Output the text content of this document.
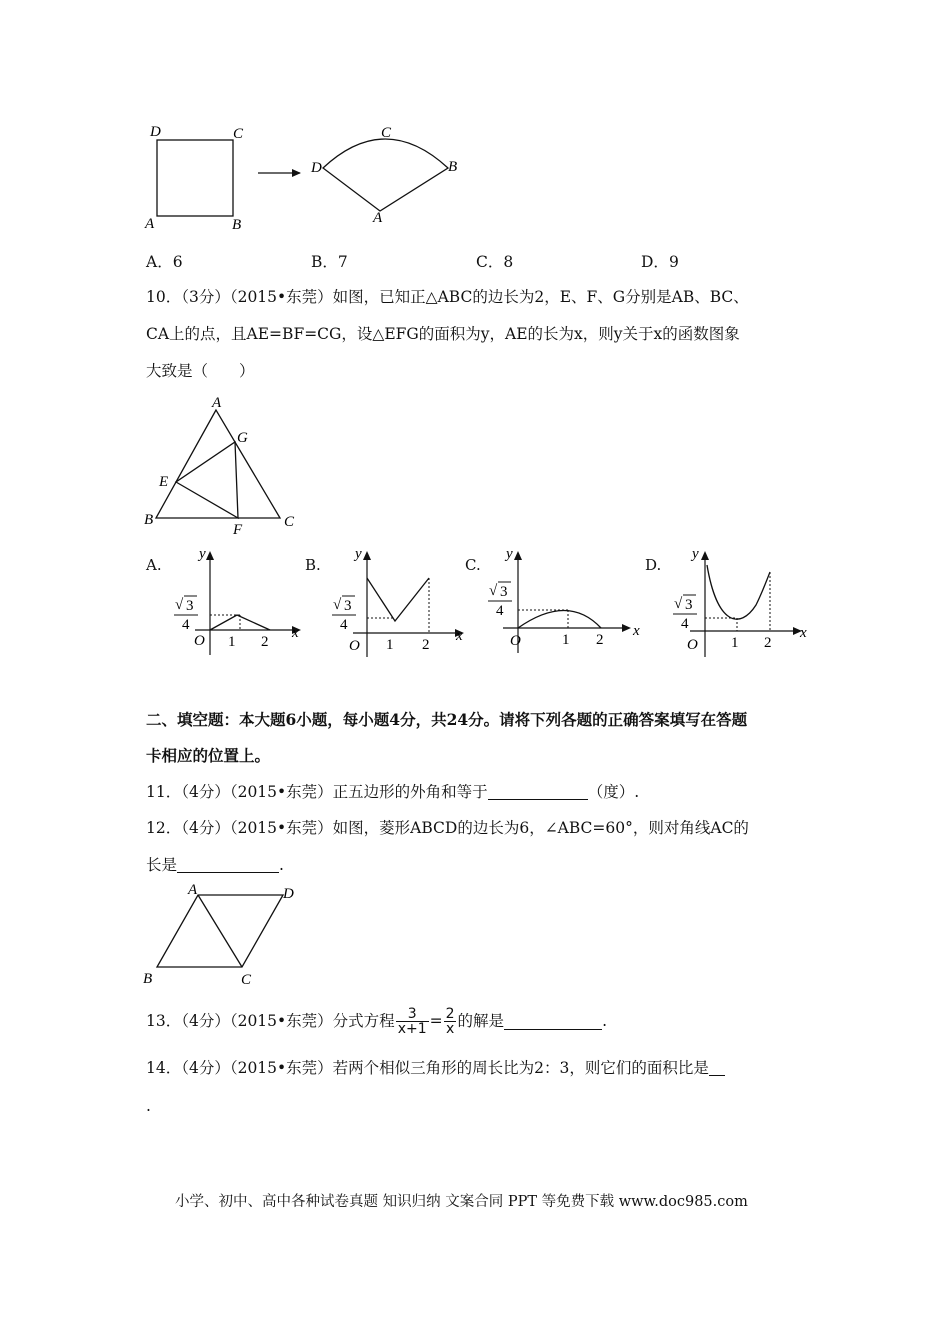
D	C
A	B
D
C
B
A
A．6	B．7	C．8	D．9
10．（3分）（2015•东莞）如图，已知正△ABC的边长为2，E、F、G分别是AB、BC、
CA上的点，且AE=BF=CG，设△EFG的面积为y，AE的长为x，则y关于x的函数图象
大致是（　　）
A
G
E
B
F	C
A.
y
x
O
√ 3
4
1 2
B.
y
x
O
√ 3
4
1 2
C.
y
x
O
√ 3
4
1 2
D.
y
x
O
√ 3
4
1 2
二、填空题：本大题6小题，每小题4分，共24分。请将下列各题的正确答案填写在答题
卡相应的位置上。
11．（4分）（2015•东莞）正五边形的外角和等于	（度）.
12．（4分）（2015•东莞）如图，菱形ABCD的边长为6，∠ABC=60°，则对角线AC的
长是	.
A	D
B	C
13．（4分）（2015•东莞）分式方程 $\frac{3}{x+1} = \frac{2}{x}$ 的解是	.
14．（4分）（2015•东莞）若两个相似三角形的周长比为2：3，则它们的面积比是
.
小学、初中、高中各种试卷真题 知识归纳 文案合同 PPT 等免费下载 www.doc985.com
